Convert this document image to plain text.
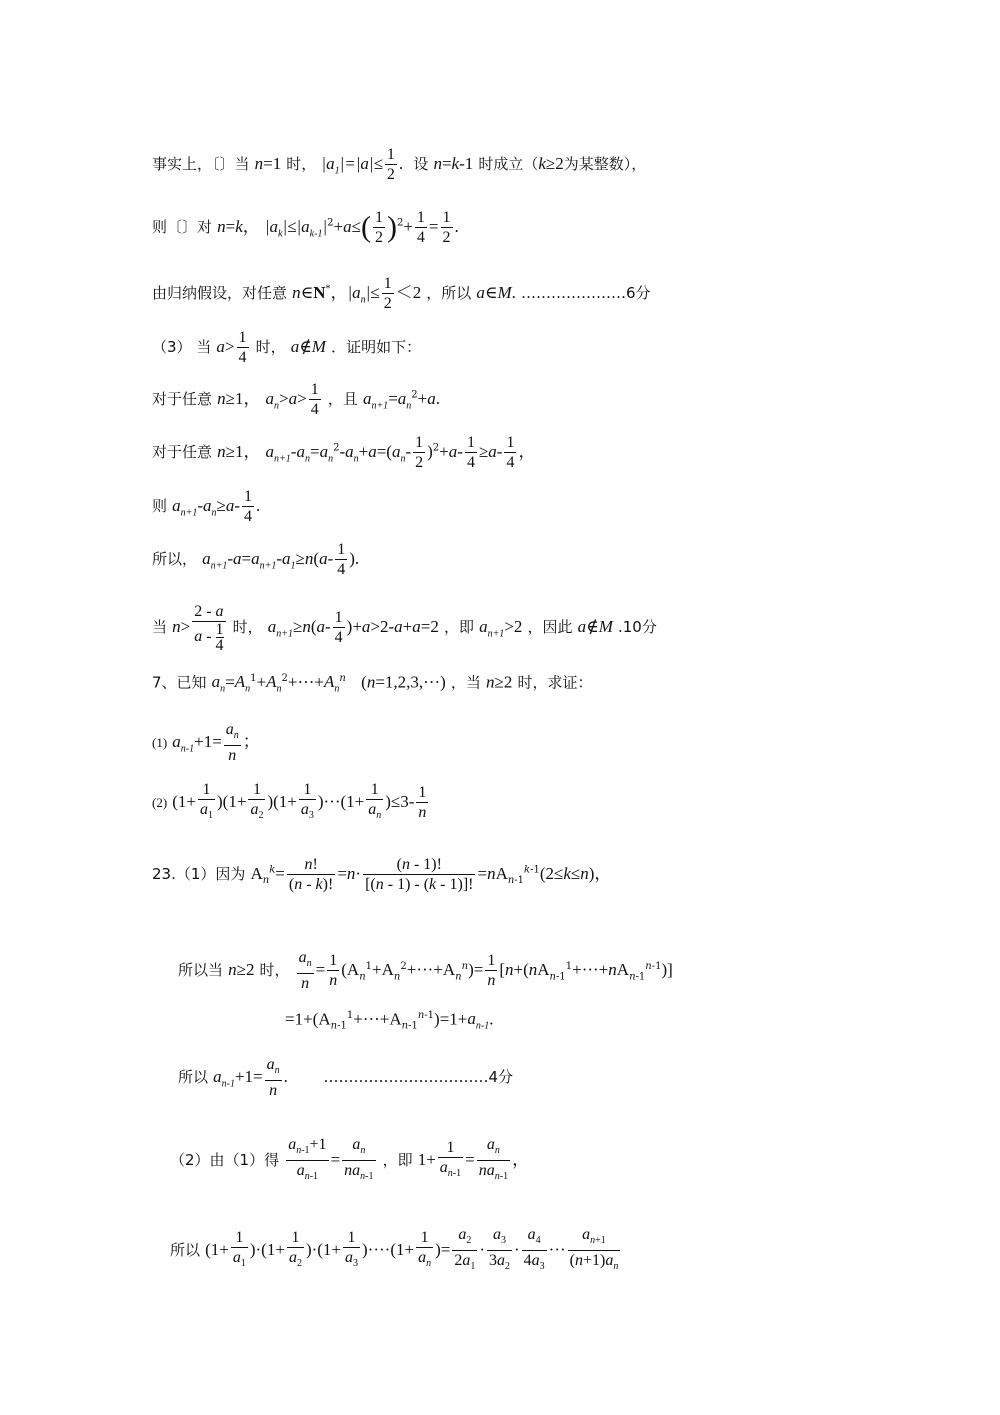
事实上，〔〕当 n=1 时， $|a_1|=|a|\le \frac{1}{2}$ . 设 n=k-1 时成立（k≥2为某整数），
则〔〕对 n=k， $|a_k|\le|a_{k-1}|^2+a\le( \frac{1}{2} )^2+ \frac{1}{4} = \frac{1}{2}$ .
由归纳假设，对任意 n∈N*，$|a_n|\le \frac{1}{2} <2$ ，所以 a∈M. …………………6分
（3） 当 $a> \frac{1}{4}$ 时， a∉M ．证明如下：
对于任意 n≥1， $a_n>a> \frac{1}{4}$ ，且 $a_{n+1}=a_n^2+a$.
对于任意 n≥1， $a_{n+1}-a_n=a_n^2-a_n+a=(a_n- \frac{1}{2} )^2+a- \frac{1}{4} \ge a- \frac{1}{4}$ ，
则 $a_{n+1}-a_n\ge a- \frac{1}{4}$ .
所以， $a_{n+1}-a=a_{n+1}-a_1\ge n(a- \frac{1}{4}$ ).
当 $n> \frac{2 - a}{a - \frac{1}{4}}$ 时， $a_{n+1}\ge n(a- \frac{1}{4} )+a>2-a+a=2$ ，即 $a_{n+1}>2$ ，因此 a∉M .10分
7、已知 $a_n=A_n^1+A_n^2+\cdot\cdot\cdot+A_n^n$ (n=1,2,3,···) ，当 n≥2 时，求证：
(1) $a_{n-1}+1= \frac{a_n}{n}$ ；
(2) $(1+ \frac{1}{a_1} )(1+ \frac{1}{a_2} )(1+ \frac{1}{a_3} )\cdot\cdot\cdot(1+ \frac{1}{a_n} )\le 3- \frac{1}{n}$
23.（1）因为 $A_n^k= \frac{n!}{(n - k)!} =n\cdot \frac{(n - 1)!}{[(n - 1) - (k - 1)]!} =nA_{n-1}^{k-1}(2\le k\le n)$，
所以当 n≥2 时， $\frac{a_n}{n} = \frac{1}{n} (A_n^1+A_n^2+\cdot\cdot\cdot+A_n^n)= \frac{1}{n} [n+(nA_{n-1}^1+\cdot\cdot\cdot+nA_{n-1}^{n-1})]$
$=1+(A_{n-1}^1+\cdot\cdot\cdot+A_{n-1}^{n-1})=1+a_{n-1}$.
所以 $a_{n-1}+1= \frac{a_n}{n}$ . ……………………………4分
（2）由（1）得 $\frac{a_{n-1}+1}{a_{n-1}} = \frac{a_n}{na_{n-1}}$ ，即 $1+ \frac{1}{a_{n-1}} = \frac{a_n}{na_{n-1}}$ ，
所以 $(1+ \frac{1}{a_1} )\cdot(1+ \frac{1}{a_2} )\cdot(1+ \frac{1}{a_3} )\cdot\cdot\cdot\cdot(1+ \frac{1}{a_n}$ )= $\frac{a_2}{2a_1} \cdot \frac{a_3}{3a_2} \cdot \frac{a_4}{4a_3}$ ··· $\frac{a_{n+1}}{(n+1)a_n}$
